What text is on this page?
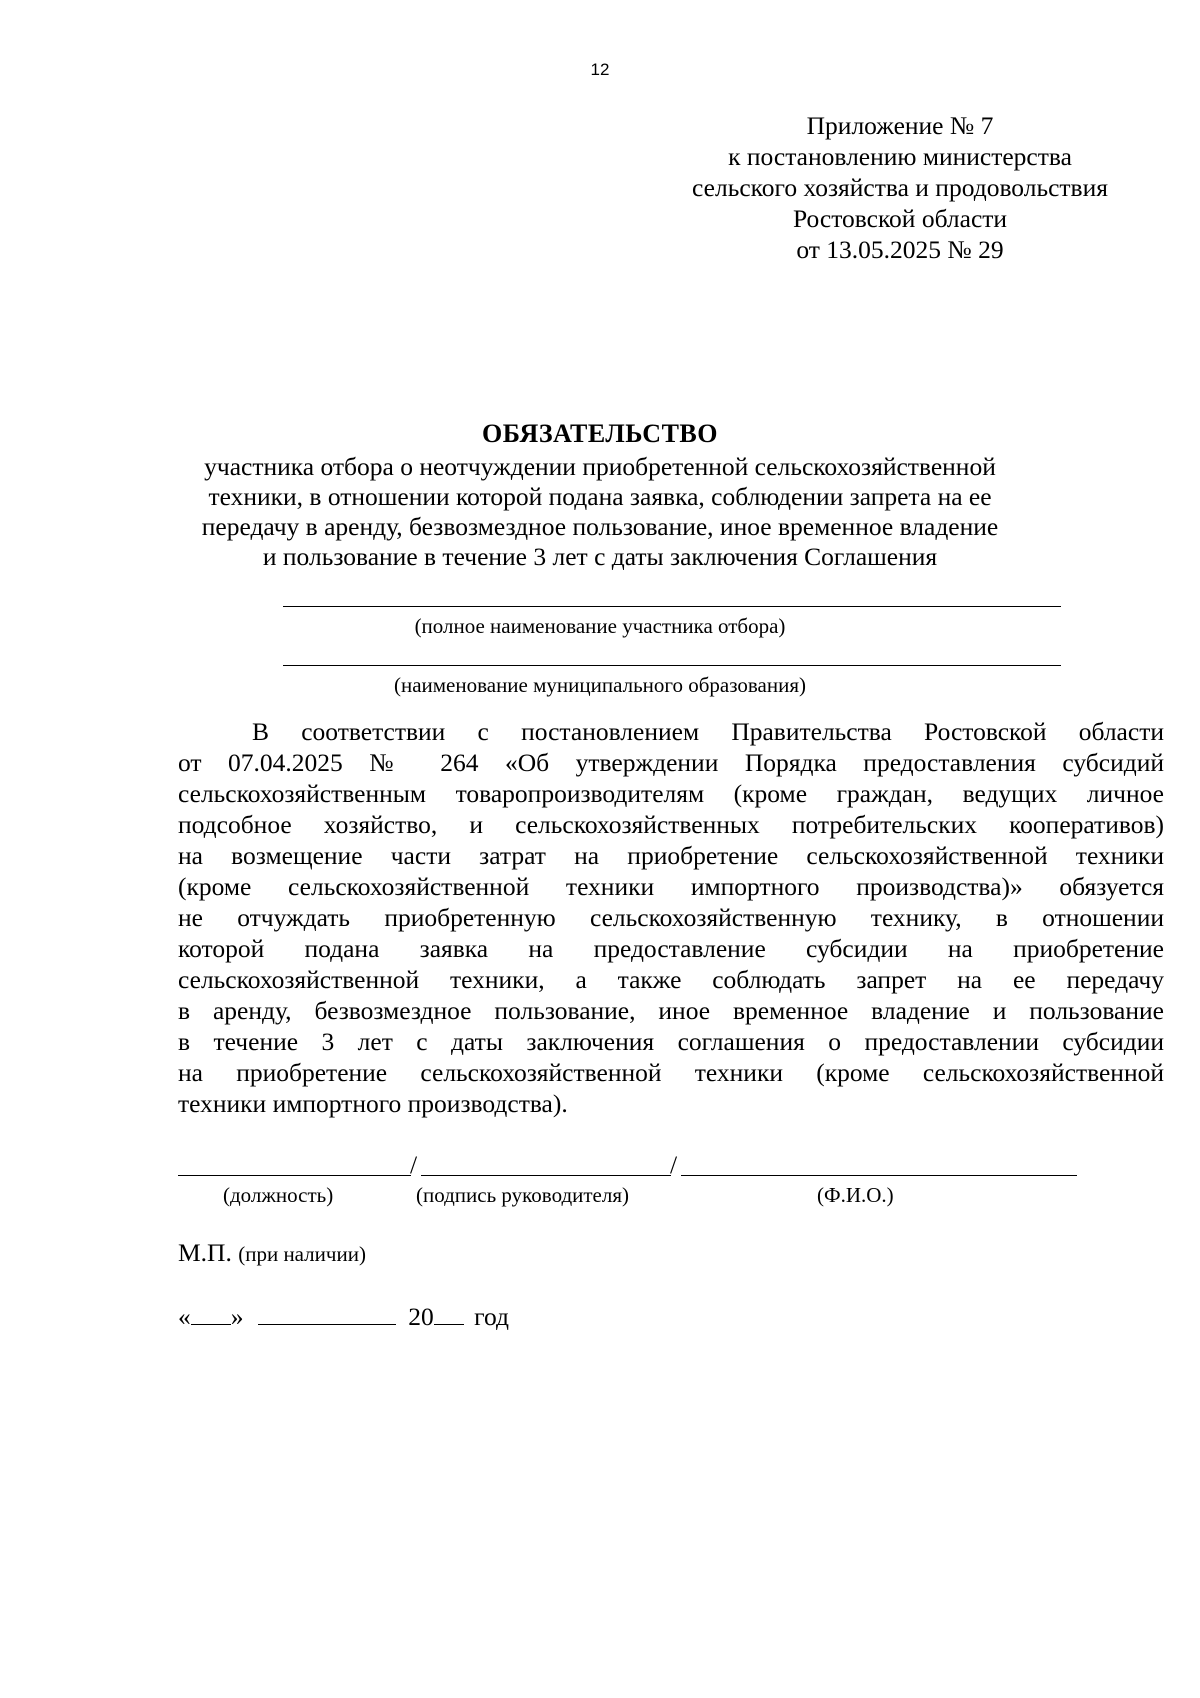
12
Приложение № 7
к постановлению министерства
сельского хозяйства и продовольствия
Ростовской области
от 13.05.2025 № 29
ОБЯЗАТЕЛЬСТВО
участника отбора о неотчуждении приобретенной сельскохозяйственной
техники, в отношении которой подана заявка, соблюдении запрета на ее
передачу в аренду, безвозмездное пользование, иное временное владение
и пользование в течение 3 лет с даты заключения Соглашения
(полное наименование участника отбора)
(наименование муниципального образования)
В соответствии с постановлением Правительства Ростовской области
от 07.04.2025 № 264 «Об утверждении Порядка предоставления субсидий
сельскохозяйственным товаропроизводителям (кроме граждан, ведущих личное
подсобное хозяйство, и сельскохозяйственных потребительских кооперативов)
на возмещение части затрат на приобретение сельскохозяйственной техники
(кроме сельскохозяйственной техники импортного производства)» обязуется
не отчуждать приобретенную сельскохозяйственную технику, в отношении
которой подана заявка на предоставление субсидии на приобретение
сельскохозяйственной техники, а также соблюдать запрет на ее передачу
в аренду, безвозмездное пользование, иное временное владение и пользование
в течение 3 лет с даты заключения соглашения о предоставлении субсидии
на приобретение сельскохозяйственной техники (кроме сельскохозяйственной
техники импортного производства).
/	/
(должность)	(подпись руководителя)	(Ф.И.О.)
М.П. (при наличии)
« »	20 год
